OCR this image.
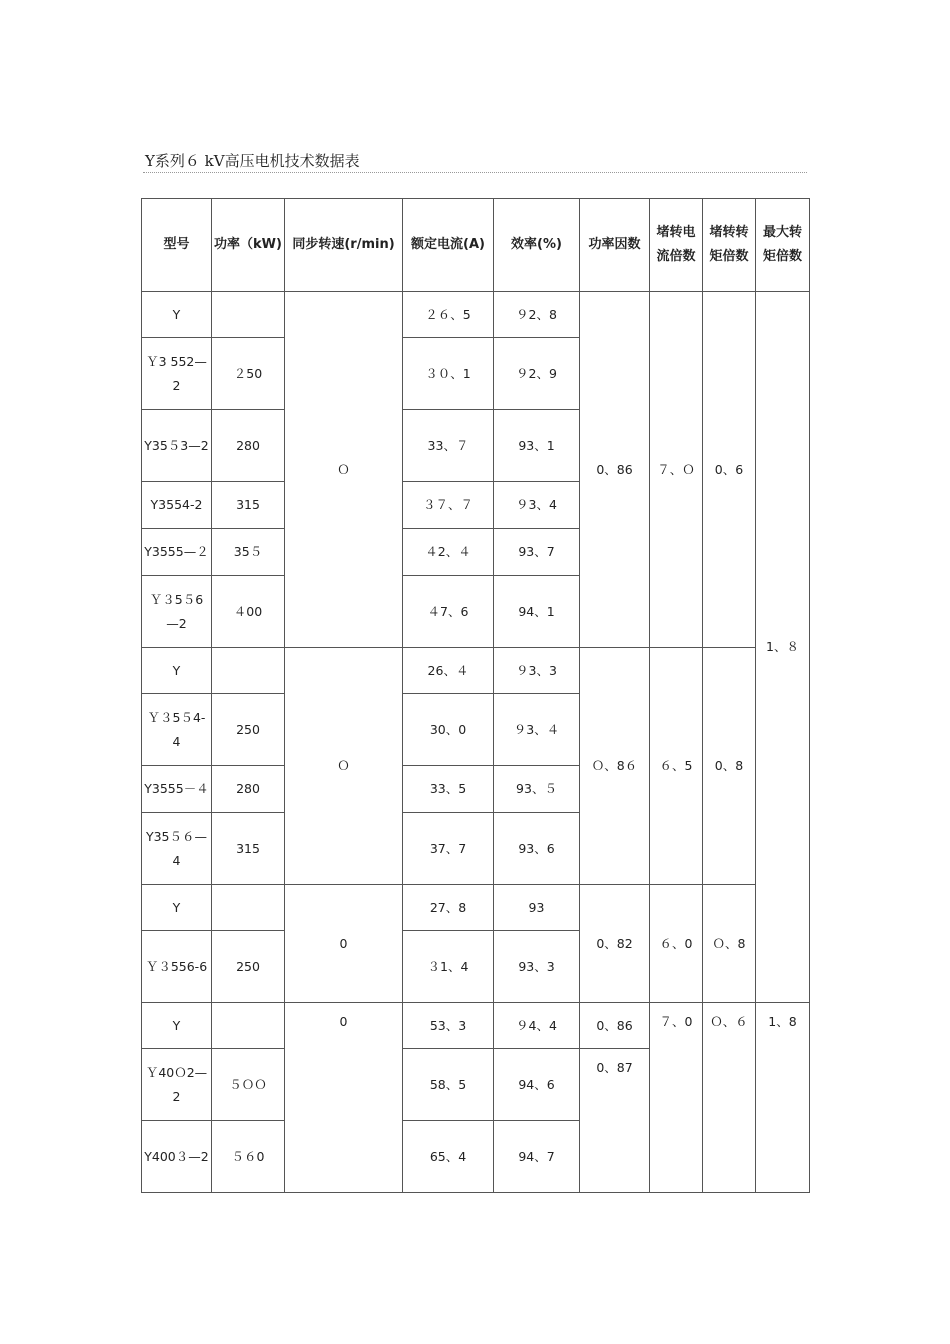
Y系列６ kV高压电机技术数据表
型号	功率（kW)	同步转速(r/min)	额定电流(A)	效率(%)	功率因数	堵转电流倍数	堵转转矩倍数	最大转矩倍数
Y		Ｏ	２６、5	９2、8	0、86	７、Ｏ	0、6	1、８
Ｙ3 552—2	２50		３０、1	９2、9				
Y35５3—2	280		33、７	93、1				
Y3554-2	315		３７、７	９3、4				
Y3555—２	35５		４2、４	93、7				
Ｙ３5５6—2	４00		４7、6	94、1				
Y		Ｏ	26、４	９3、3	Ｏ、8６	６、5	0、8	
Ｙ３5５4-4	250		30、0	９3、４				
Y3555－４	280		33、5	93、５				
Y35５６—4	315		37、7	93、6				
Y		0	27、8	93	0、82	６、0	Ｏ、8	
Ｙ３556-6	250		３1、4	93、3				
Y		0	53、3	９4、4	0、86	７、0	Ｏ、６	1、8
Ｙ40Ｏ2—2	５ＯＯ		58、5	94、6	0、87			
Y400３—2	５６0		65、4	94、7				
